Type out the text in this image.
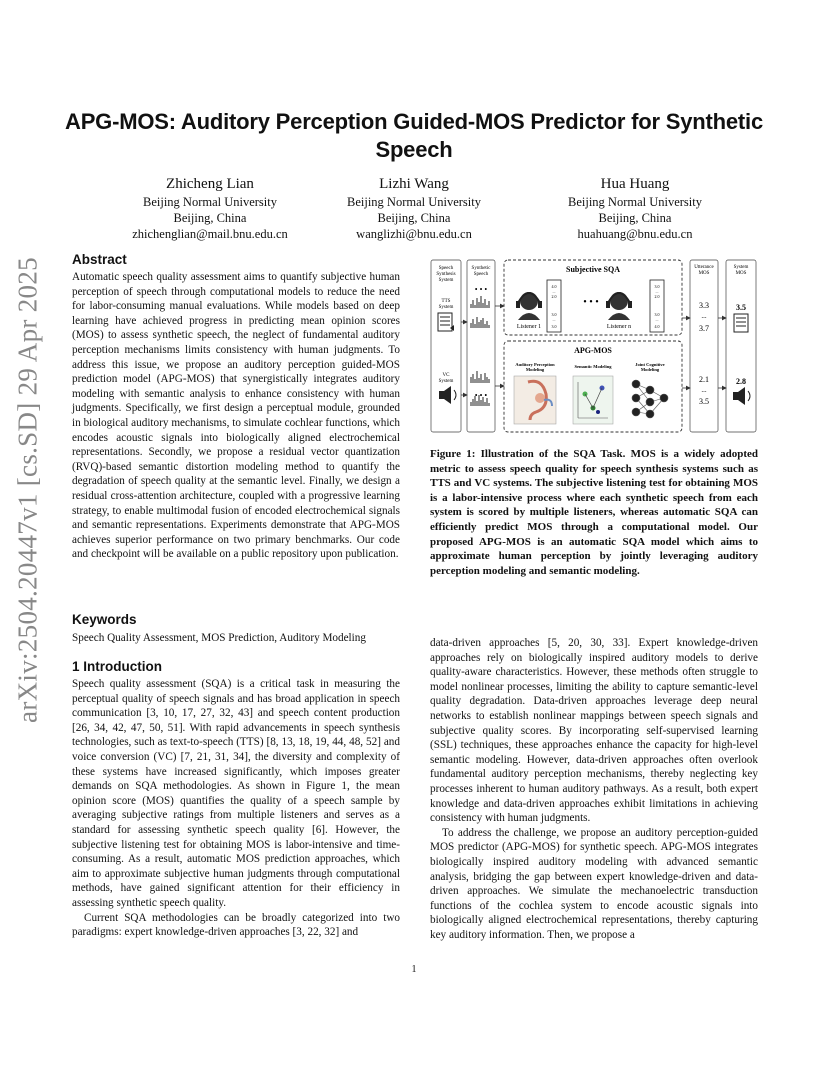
arXiv:2504.20447v1 [cs.SD] 29 Apr 2025
APG-MOS: Auditory Perception Guided-MOS Predictor for Synthetic Speech
Zhicheng Lian
Beijing Normal University
Beijing, China
zhichenglian@mail.bnu.edu.cn
Lizhi Wang
Beijing Normal University
Beijing, China
wanglizhi@bnu.edu.cn
Hua Huang
Beijing Normal University
Beijing, China
huahuang@bnu.edu.cn
Abstract

Automatic speech quality assessment aims to quantify subjective human perception of speech through computational models to reduce the need for labor-consuming manual evaluations. While models based on deep learning have achieved progress in predicting mean opinion scores (MOS) to assess synthetic speech, the neglect of fundamental auditory perception mechanisms limits consistency with human judgments. To address this issue, we propose an auditory perception guided-MOS prediction model (APG-MOS) that synergistically integrates auditory modeling with semantic analysis to enhance consistency with human judgments. Specifically, we first design a perceptual module, grounded in biological auditory mechanisms, to simulate cochlear functions, which encodes acoustic signals into biologically aligned electrochemical representations. Secondly, we propose a residual vector quantization (RVQ)-based semantic distortion modeling method to quantify the degradation of speech quality at the semantic level. Finally, we design a residual cross-attention architecture, coupled with a progressive learning strategy, to enable multimodal fusion of encoded electrochemical signals and semantic representations. Experiments demonstrate that APG-MOS achieves superior performance on two primary benchmarks. Our code and checkpoint will be available on a public repository upon publication.

Keywords

Speech Quality Assessment, MOS Prediction, Auditory Modeling

1 Introduction

Speech quality assessment (SQA) is a critical task in measuring the perceptual quality of speech signals and has broad application in speech communication [3, 10, 17, 27, 32, 43] and speech content production [26, 34, 42, 47, 50, 51]. With rapid advancements in speech synthesis technologies, such as text-to-speech (TTS) [8, 13, 18, 19, 44, 48, 52] and voice conversion (VC) [7, 21, 31, 34], the diversity and complexity of these systems have increased significantly, which imposes greater demands on SQA methodologies. As shown in Figure 1, the mean opinion score (MOS) quantifies the quality of a speech sample by averaging subjective ratings from multiple listeners and serves as a standard for assessing synthetic speech quality [6]. However, the subjective listening test for obtaining MOS is labor-intensive and time-consuming. As a result, automatic MOS prediction approaches, which aim to approximate subjective human judgments through computational methods, have gained significant attention for their efficiency in assessing synthetic speech quality.

Current SQA methodologies can be broadly categorized into two paradigms: expert knowledge-driven approaches [3, 22, 32] and

Speech
Synthesis
System
TTS
System
VC
System
Synthetic
Speech
• • •
• • •
Subjective SQA
4.0
...
2.0
3.0
...
3.0
Listener 1
• • •
3.0
...
2.0
3.0
...
4.0
Listener n
APG-MOS
Auditory Perception
Modeling
Semantic Modeling	Joint Cognitive
Modeling
Utterance
MOS
3.3
...
3.7
2.1
...
3.5
System
MOS
3.5
2.8

Figure 1: Illustration of the SQA Task. MOS is a widely adopted metric to assess speech quality for speech synthesis systems such as TTS and VC systems. The subjective listening test for obtaining MOS is a labor-intensive process where each synthetic speech from each system is scored by multiple listeners, whereas automatic SQA can efficiently predict MOS through a computational model. Our proposed APG-MOS is an automatic SQA model which aims to approximate human perception by jointly leveraging auditory perception modeling and semantic modeling.

data-driven approaches [5, 20, 30, 33]. Expert knowledge-driven approaches rely on biologically inspired auditory models to derive quality-aware characteristics. However, these methods often struggle to model nonlinear processes, limiting the ability to capture semantic-level quality degradation. Data-driven approaches leverage deep neural networks to establish nonlinear mappings between speech signals and subjective quality scores. By incorporating self-supervised learning (SSL) techniques, these approaches enhance the capacity for high-level semantic modeling. However, data-driven approaches often overlook fundamental auditory perception mechanisms, thereby neglecting key processes inherent to human auditory pathways. As a result, both expert knowledge and data-driven approaches exhibit limitations in achieving consistency with human judgments.

To address the challenge, we propose an auditory perception-guided MOS predictor (APG-MOS) for synthetic speech. APG-MOS integrates biologically inspired auditory modeling with advanced semantic analysis, bridging the gap between expert knowledge-driven and data-driven approaches. We simulate the mechanoelectric transduction functions of the cochlea system to encode acoustic signals into biologically aligned electrochemical representations, thereby capturing key auditory information. Then, we propose a

1
